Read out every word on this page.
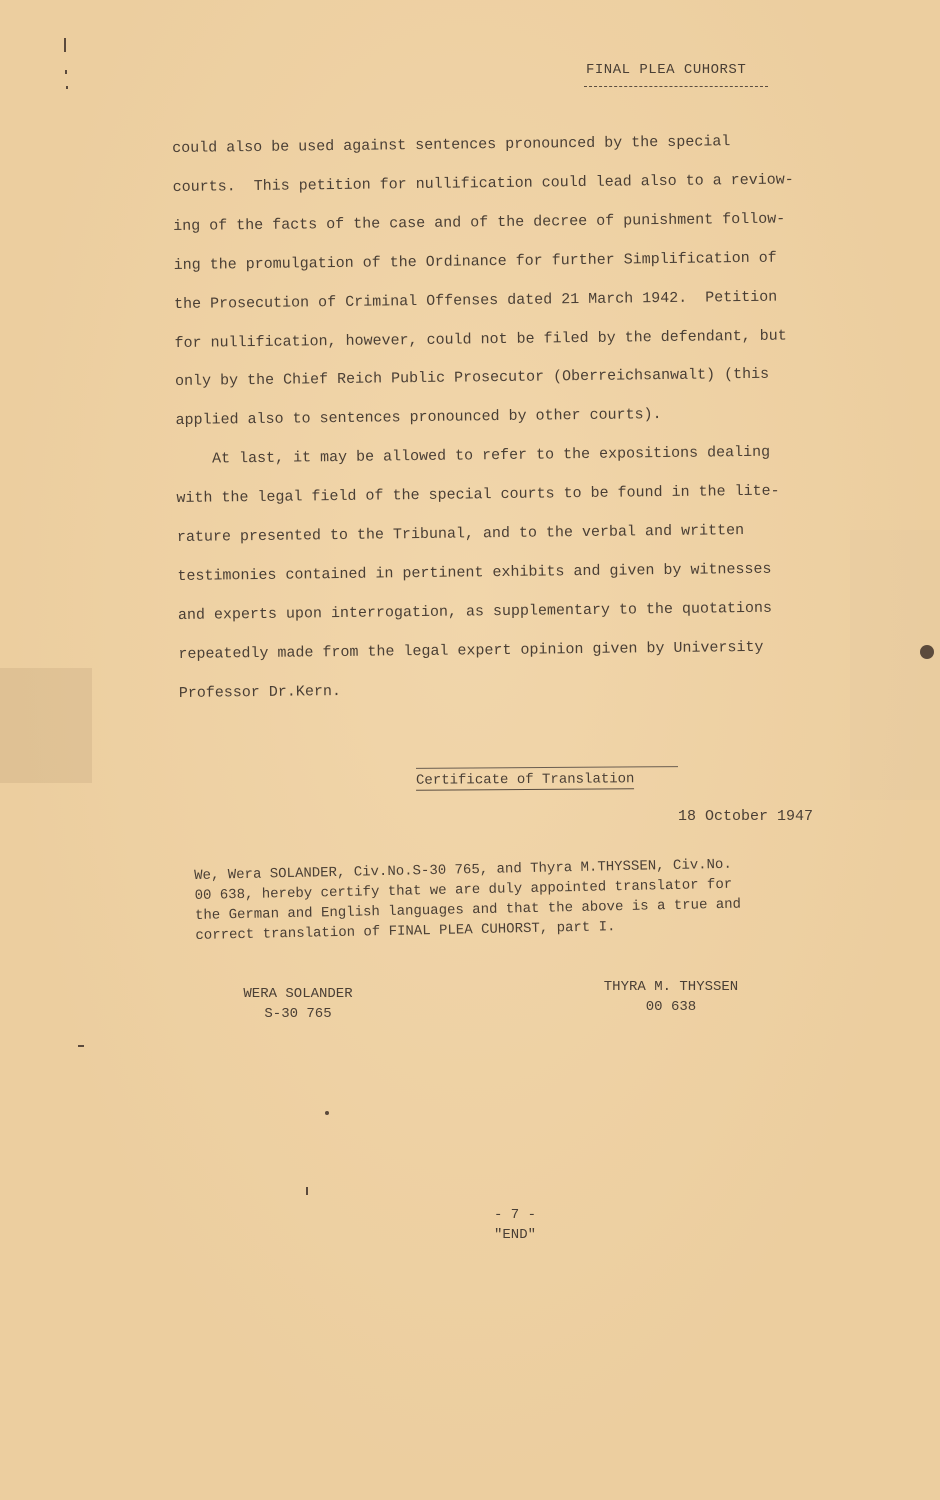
FINAL PLEA CUHORST

could also be used against sentences pronounced by the special

courts.  This petition for nullification could lead also to a reviow-

ing of the facts of the case and of the decree of punishment follow-

ing the promulgation of the Ordinance for further Simplification of

the Prosecution of Criminal Offenses dated 21 March 1942.  Petition

for nullification, however, could not be filed by the defendant, but

only by the Chief Reich Public Prosecutor (Oberreichsanwalt) (this

applied also to sentences pronounced by other courts).

At last, it may be allowed to refer to the expositions dealing

with the legal field of the special courts to be found in the lite-

rature presented to the Tribunal, and to the verbal and written

testimonies contained in pertinent exhibits and given by witnesses

and experts upon interrogation, as supplementary to the quotations

repeatedly made from the legal expert opinion given by University

Professor Dr.Kern.

Certificate of Translation
18 October 1947

We, Wera SOLANDER, Civ.No.S-30 765, and Thyra M.THYSSEN, Civ.No.

00 638, hereby certify that we are duly appointed translator for

the German and English languages and that the above is a true and

correct translation of FINAL PLEA CUHORST, part I.

WERA SOLANDER
S-30 765
THYRA M. THYSSEN
00 638
- 7 -
"END"
